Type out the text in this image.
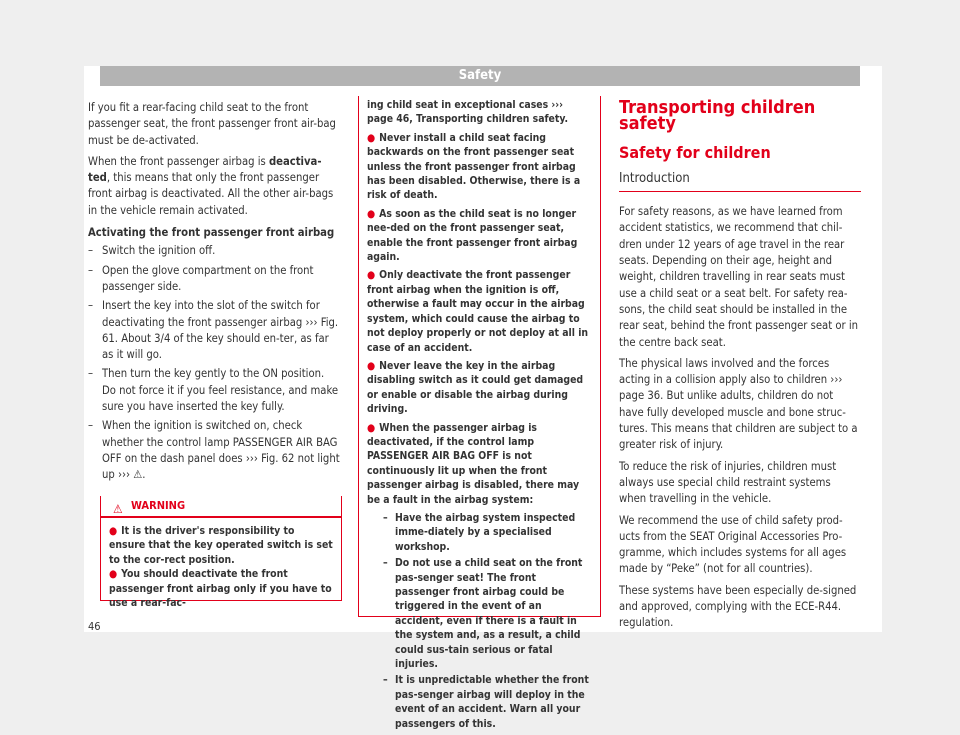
Safety

If you fit a rear-facing child seat to the front passenger seat, the front passenger front air-bag must be de-activated.

When the front passenger airbag is deactiva-ted, this means that only the front passenger front airbag is deactivated. All the other air-bags in the vehicle remain activated.

Activating the front passenger front airbag
– Switch the ignition off.
– Open the glove compartment on the front passenger side.
– Insert the key into the slot of the switch for deactivating the front passenger airbag ››› Fig. 61. About 3/4 of the key should en-ter, as far as it will go.
– Then turn the key gently to the ON position. Do not force it if you feel resistance, and make sure you have inserted the key fully.
– When the ignition is switched on, check whether the control lamp PASSENGER AIR BAG OFF on the dash panel does ››› Fig. 62 not light up ››› ⚠.
⚠ WARNING
● It is the driver's responsibility to ensure that the key operated switch is set to the cor-rect position.
● You should deactivate the front passenger front airbag only if you have to use a rear-fac-

ing child seat in exceptional cases ››› page 46, Transporting children safety.

● Never install a child seat facing backwards on the front passenger seat unless the front passenger front airbag has been disabled. Otherwise, there is a risk of death.

● As soon as the child seat is no longer nee-ded on the front passenger seat, enable the front passenger front airbag again.

● Only deactivate the front passenger front airbag when the ignition is off, otherwise a fault may occur in the airbag system, which could cause the airbag to not deploy properly or not deploy at all in case of an accident.

● Never leave the key in the airbag disabling switch as it could get damaged or enable or disable the airbag during driving.

● When the passenger airbag is deactivated, if the control lamp PASSENGER AIR BAG OFF is not continuously lit up when the front passenger airbag is disabled, there may be a fault in the airbag system:

– Have the airbag system inspected imme-diately by a specialised workshop.
– Do not use a child seat on the front pas-senger seat! The front passenger front airbag could be triggered in the event of an accident, even if there is a fault in the system and, as a result, a child could sus-tain serious or fatal injuries.
– It is unpredictable whether the front pas-senger airbag will deploy in the event of an accident. Warn all your passengers of this.
Transporting children safety
Safety for children
Introduction

For safety reasons, as we have learned from accident statistics, we recommend that chil-dren under 12 years of age travel in the rear seats. Depending on their age, height and weight, children travelling in rear seats must use a child seat or a seat belt. For safety rea-sons, the child seat should be installed in the rear seat, behind the front passenger seat or in the centre back seat.

The physical laws involved and the forces acting in a collision apply also to children ››› page 36. But unlike adults, children do not have fully developed muscle and bone struc-tures. This means that children are subject to a greater risk of injury.

To reduce the risk of injuries, children must always use special child restraint systems when travelling in the vehicle.

We recommend the use of child safety prod-ucts from the SEAT Original Accessories Pro-gramme, which includes systems for all ages made by “Peke” (not for all countries).

These systems have been especially de-signed and approved, complying with the ECE-R44. regulation.

46
